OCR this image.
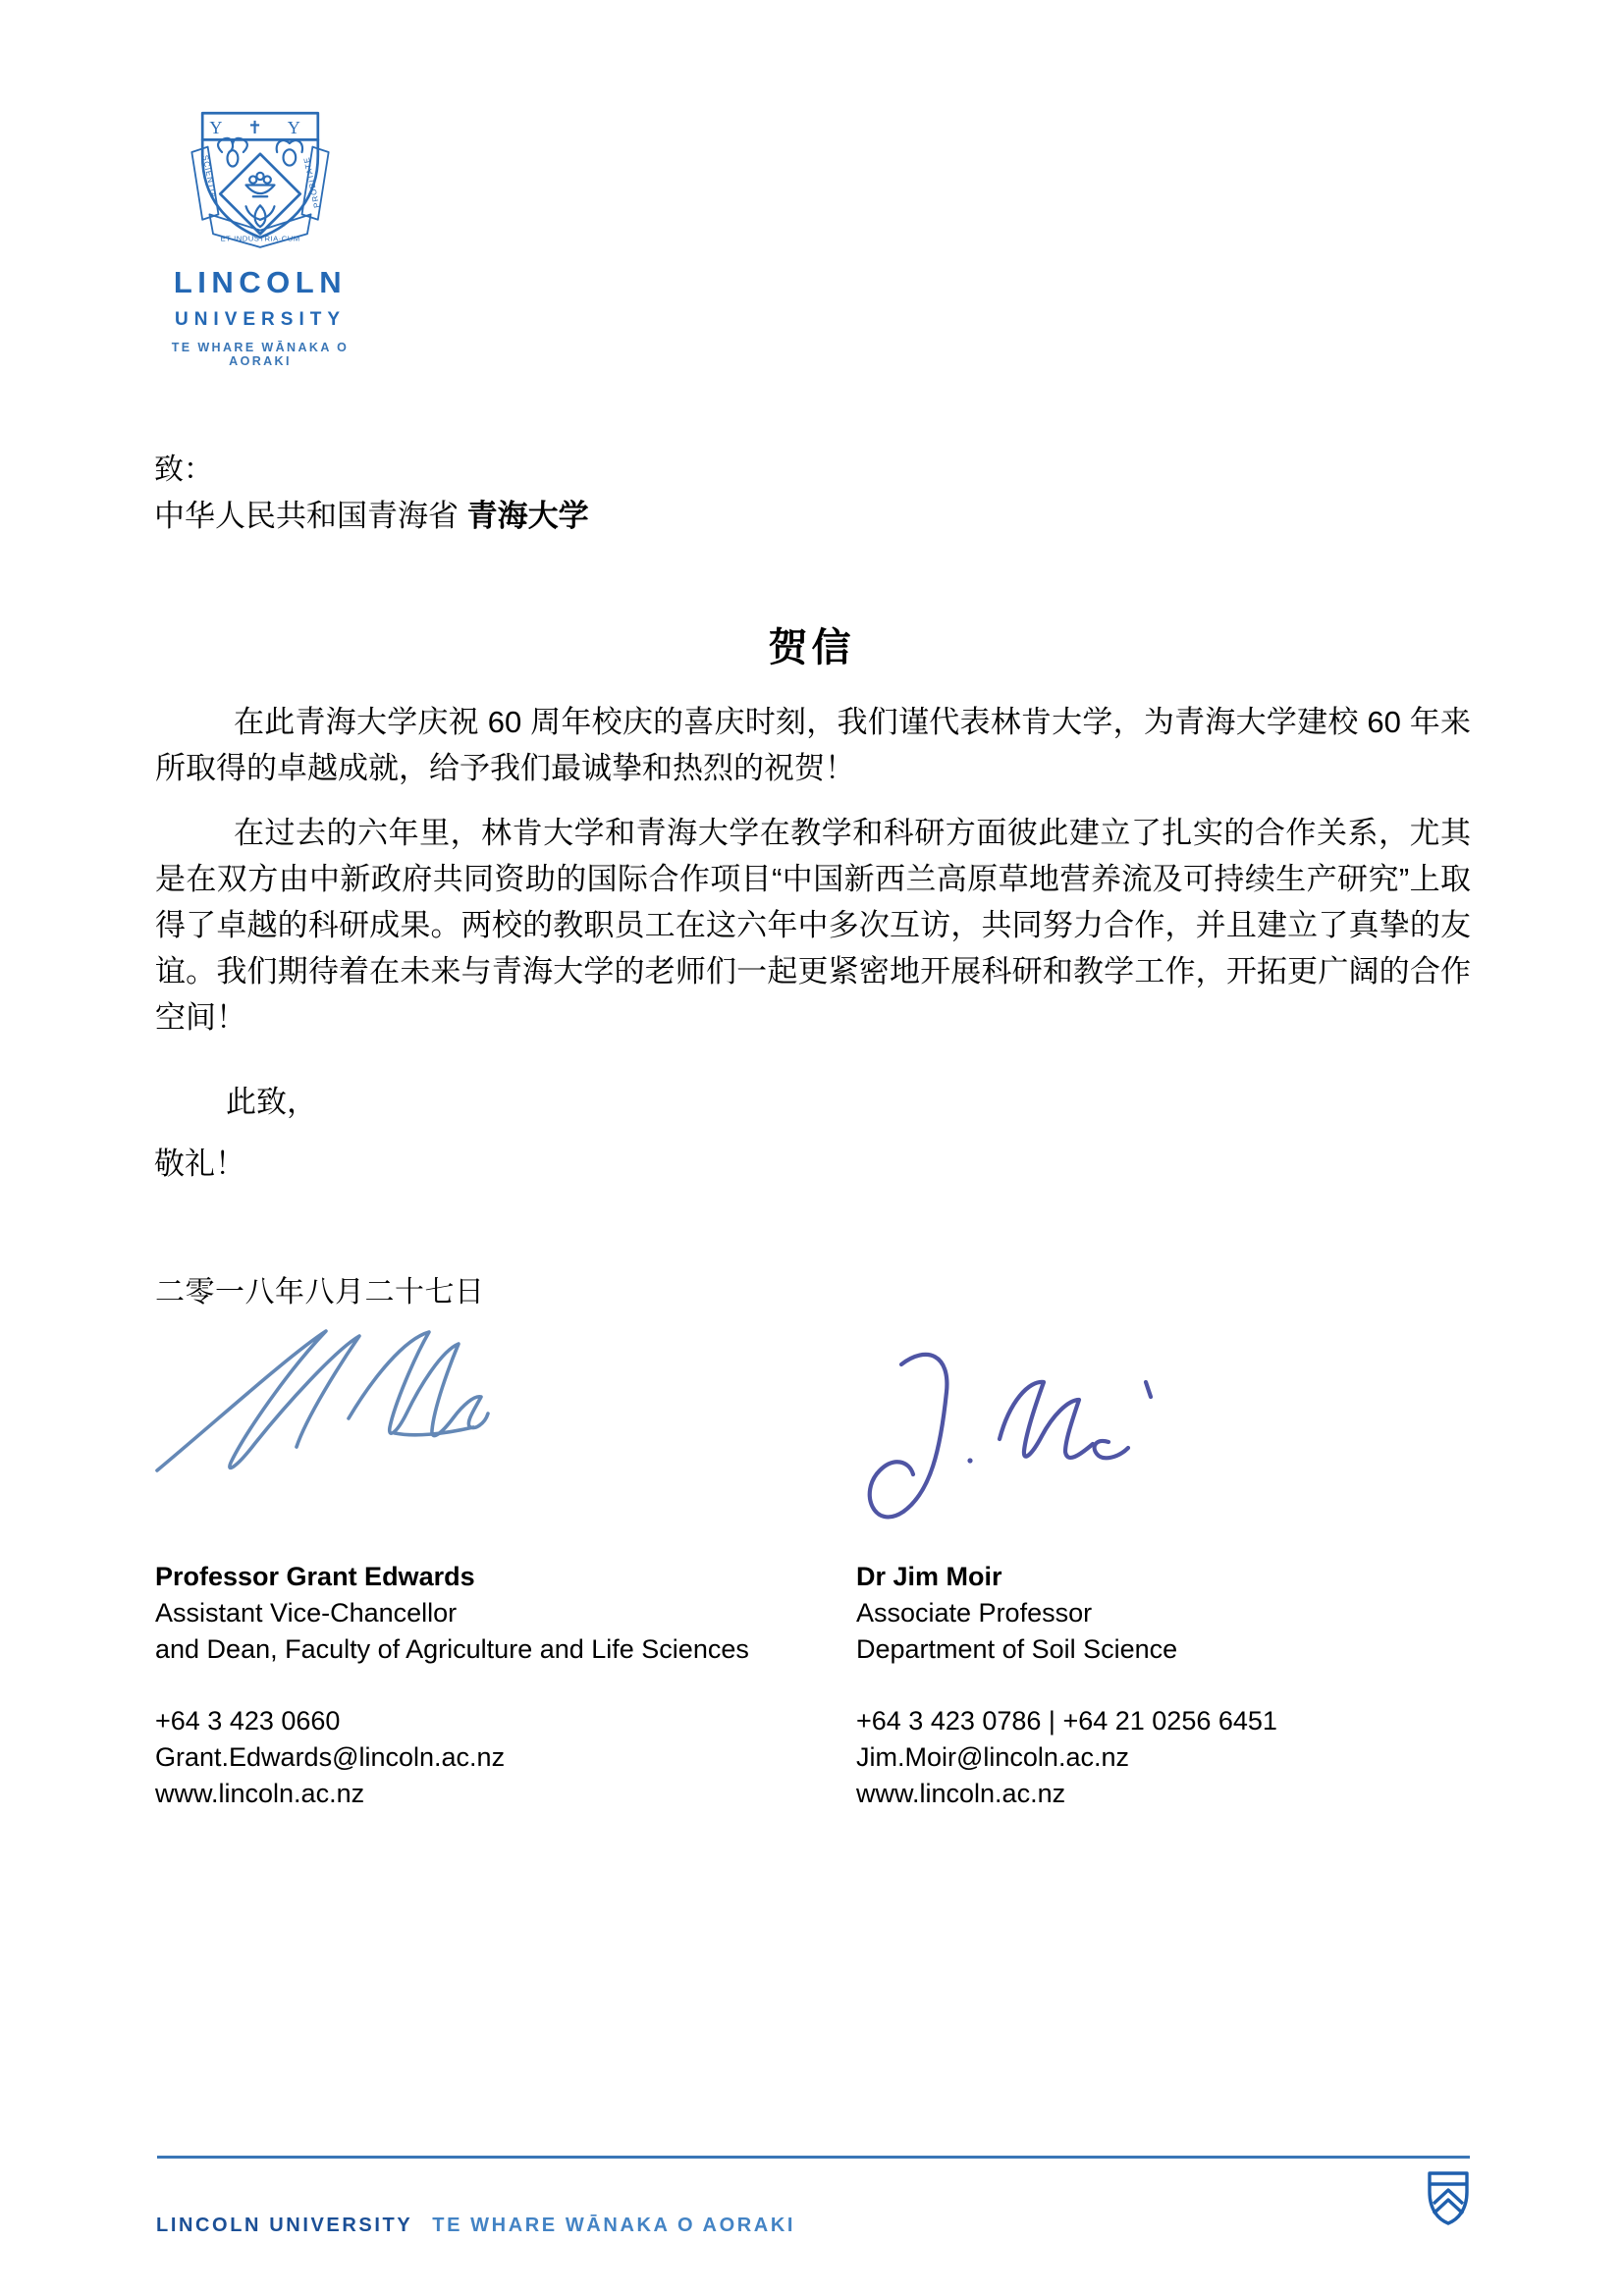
Y ✝ Y
SCIENTIA	PROBITATE
ET·INDUSTRIA·CUM
LINCOLN
UNIVERSITY
TE WHARE WĀNAKA O AORAKI
致：
中华人民共和国青海省 青海大学
贺信

在此青海大学庆祝 60 周年校庆的喜庆时刻，我们谨代表林肯大学，为青海大学建校 60 年来所取得的卓越成就，给予我们最诚挚和热烈的祝贺！

在过去的六年里，林肯大学和青海大学在教学和科研方面彼此建立了扎实的合作关系，尤其是在双方由中新政府共同资助的国际合作项目“中国新西兰高原草地营养流及可持续生产研究”上取得了卓越的科研成果。两校的教职员工在这六年中多次互访，共同努力合作，并且建立了真挚的友谊。我们期待着在未来与青海大学的老师们一起更紧密地开展科研和教学工作，开拓更广阔的合作空间！

此致，
敬礼！
二零一八年八月二十七日
Professor Grant Edwards
Assistant Vice-Chancellor
and Dean, Faculty of Agriculture and Life Sciences
+64 3 423 0660
Grant.Edwards@lincoln.ac.nz
www.lincoln.ac.nz
Dr Jim Moir
Associate Professor
Department of Soil Science
+64 3 423 0786 | +64 21 0256 6451
Jim.Moir@lincoln.ac.nz
www.lincoln.ac.nz
LINCOLN UNIVERSITY TE WHARE WĀNAKA O AORAKI
